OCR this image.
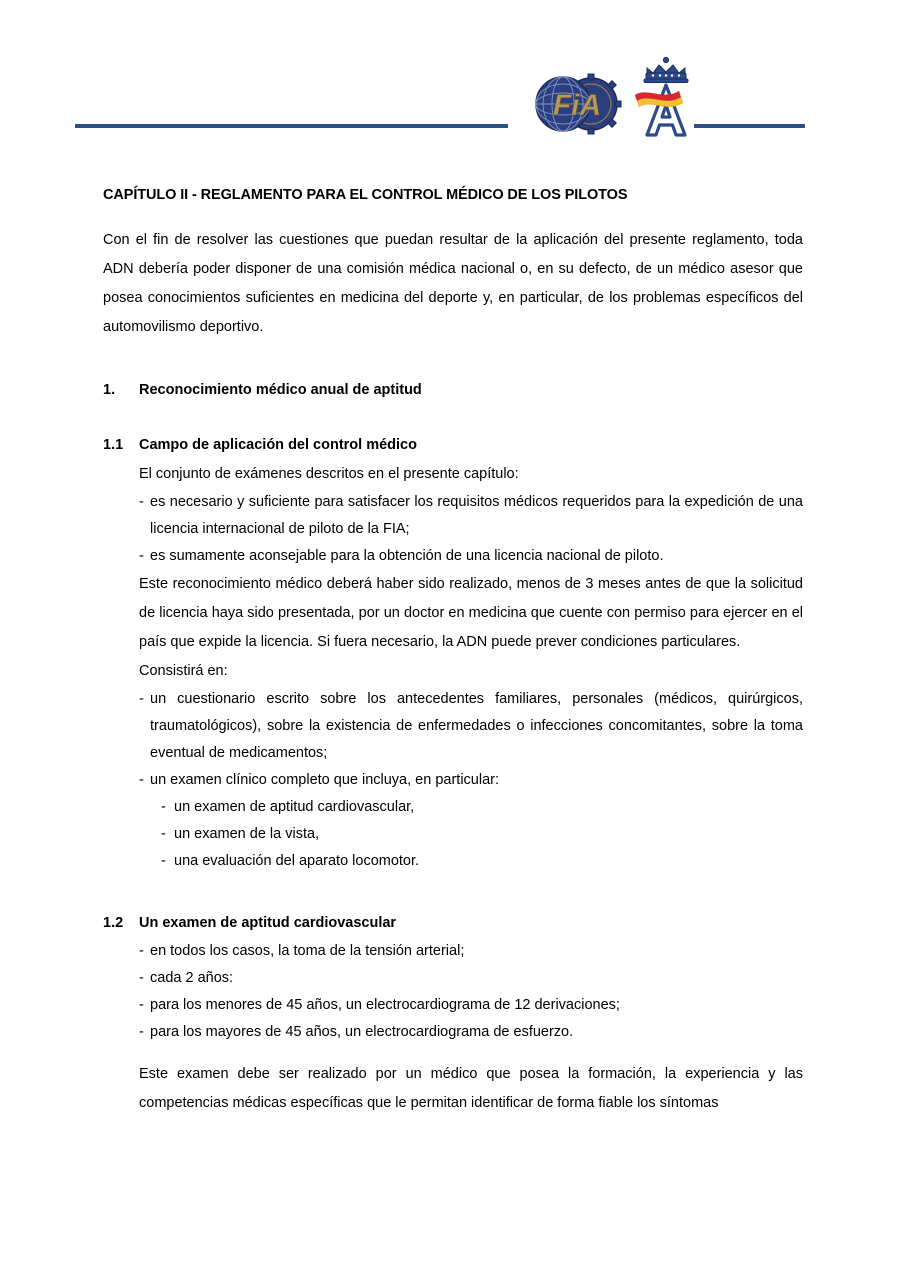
FiA
CAPÍTULO II - REGLAMENTO PARA EL CONTROL MÉDICO DE LOS PILOTOS

Con el fin de resolver las cuestiones que puedan resultar de la aplicación del presente reglamento, toda ADN debería poder disponer de una comisión médica nacional o, en su defecto, de un médico asesor que posea conocimientos suficientes en medicina del deporte y, en particular, de los problemas específicos del automovilismo deportivo.

1.	Reconocimiento médico anual de aptitud
1.1	Campo de aplicación del control médico
El conjunto de exámenes descritos en el presente capítulo:
- es necesario y suficiente para satisfacer los requisitos médicos requeridos para la expedición de una licencia internacional de piloto de la FIA;
- es sumamente aconsejable para la obtención de una licencia nacional de piloto.

Este reconocimiento médico deberá haber sido realizado, menos de 3 meses antes de que la solicitud de licencia haya sido presentada, por un doctor en medicina que cuente con permiso para ejercer en el país que expide la licencia. Si fuera necesario, la ADN puede prever condiciones particulares.

Consistirá en:
- un cuestionario escrito sobre los antecedentes familiares, personales (médicos, quirúrgicos, traumatológicos), sobre la existencia de enfermedades o infecciones concomitantes, sobre la toma eventual de medicamentos;
- un examen clínico completo que incluya, en particular:
- un examen de aptitud cardiovascular,
- un examen de la vista,
- una evaluación del aparato locomotor.
1.2	Un examen de aptitud cardiovascular
- en todos los casos, la toma de la tensión arterial;
- cada 2 años:
- para los menores de 45 años, un electrocardiograma de 12 derivaciones;
- para los mayores de 45 años, un electrocardiograma de esfuerzo.

Este examen debe ser realizado por un médico que posea la formación, la experiencia y las competencias médicas específicas que le permitan identificar de forma fiable los síntomas
